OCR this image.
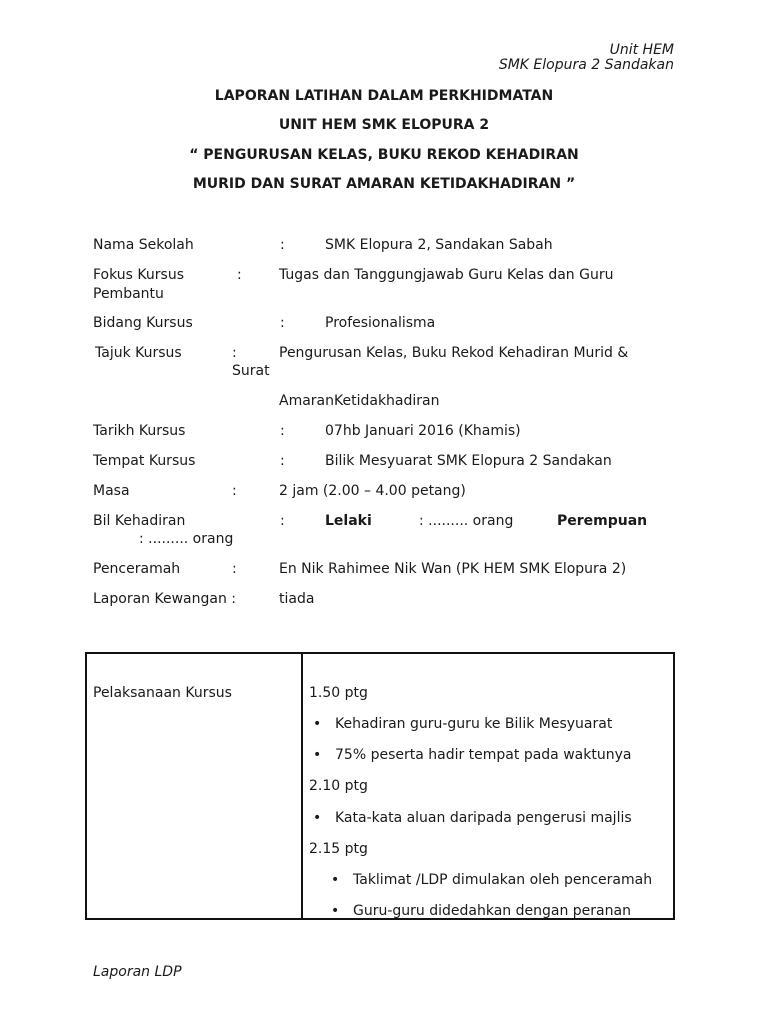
Unit HEM
SMK Elopura 2 Sandakan
LAPORAN LATIHAN DALAM PERKHIDMATAN
UNIT HEM SMK ELOPURA 2
“ PENGURUSAN KELAS, BUKU REKOD KEHADIRAN
MURID DAN SURAT AMARAN KETIDAKHADIRAN ”
Nama Sekolah	:	SMK Elopura 2, Sandakan Sabah
Fokus Kursus	:	Tugas dan Tanggungjawab Guru Kelas dan Guru
Pembantu
Bidang Kursus	:	Profesionalisma
Tajuk Kursus	:	Pengurusan Kelas, Buku Rekod Kehadiran Murid &
Surat
AmaranKetidakhadiran
Tarikh Kursus	:	07hb Januari 2016 (Khamis)
Tempat Kursus	:	Bilik Mesyuarat SMK Elopura 2 Sandakan
Masa	:	2 jam (2.00 – 4.00 petang)
Bil Kehadiran	:	Lelaki	: ......... orang	Perempuan
: ......... orang
Penceramah	:	En Nik Rahimee Nik Wan (PK HEM SMK Elopura 2)
Laporan Kewangan :	tiada
Pelaksanaan Kursus	1.50 ptg
• Kehadiran guru-guru ke Bilik Mesyuarat
• 75% peserta hadir tempat pada waktunya
2.10 ptg
• Kata-kata aluan daripada pengerusi majlis
2.15 ptg
• Taklimat /LDP dimulakan oleh penceramah
• Guru-guru didedahkan dengan peranan
Laporan LDP
